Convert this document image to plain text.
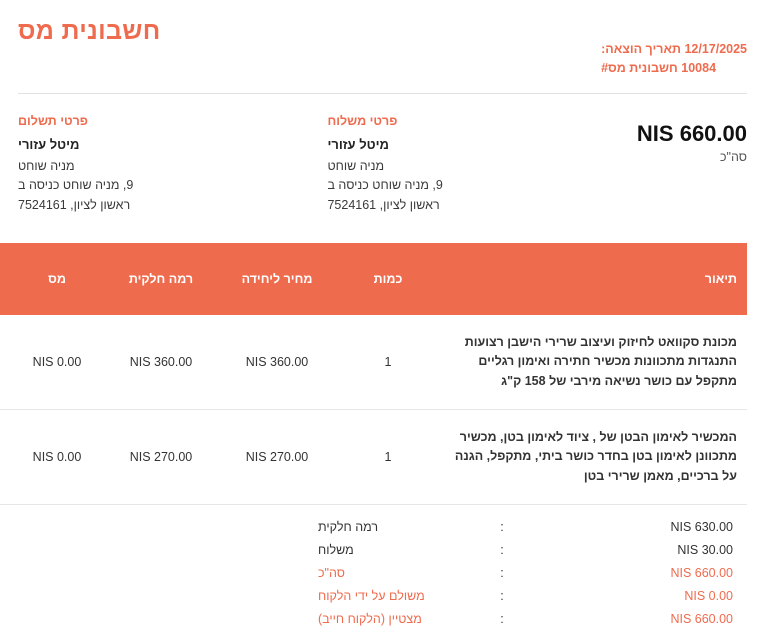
חשבונית מס
12/17/2025 תאריך הוצאה:
10084 חשבונית מס#
פרטי תשלום
מיטל עזורי
מניה שוחט
9, מניה שוחט כניסה ב
ראשון לציון, 7524161
פרטי משלוח
מיטל עזורי
מניה שוחט
9, מניה שוחט כניסה ב
ראשון לציון, 7524161
NIS 660.00
סה"כ
תיאור	כמות	מחיר ליחידה	רמה חלקית	מס	
מכונת סקוואט לחיזוק ועיצוב שרירי הישבן רצועות התנגדות מתכוונות מכשיר חתירה ואימון רגליים מתקפל עם כושר נשיאה מירבי של 158 ק"ג	1	NIS 360.00	NIS 360.00	NIS 0.00	
המכשיר לאימון הבטן של , ציוד לאימון בטן, מכשיר מתכוונן לאימון בטן בחדר כושר ביתי, מתקפל, הגנה על ברכיים, מאמן שרירי בטן	1	NIS 270.00	NIS 270.00	NIS 0.00	
NIS 630.00
:
רמה חלקית
NIS 30.00
:
משלוח
NIS 660.00
:
סה"כ
NIS 0.00
:
משולם על ידי הלקוח
NIS 660.00
:
מצטיין (הלקוח חייב)
